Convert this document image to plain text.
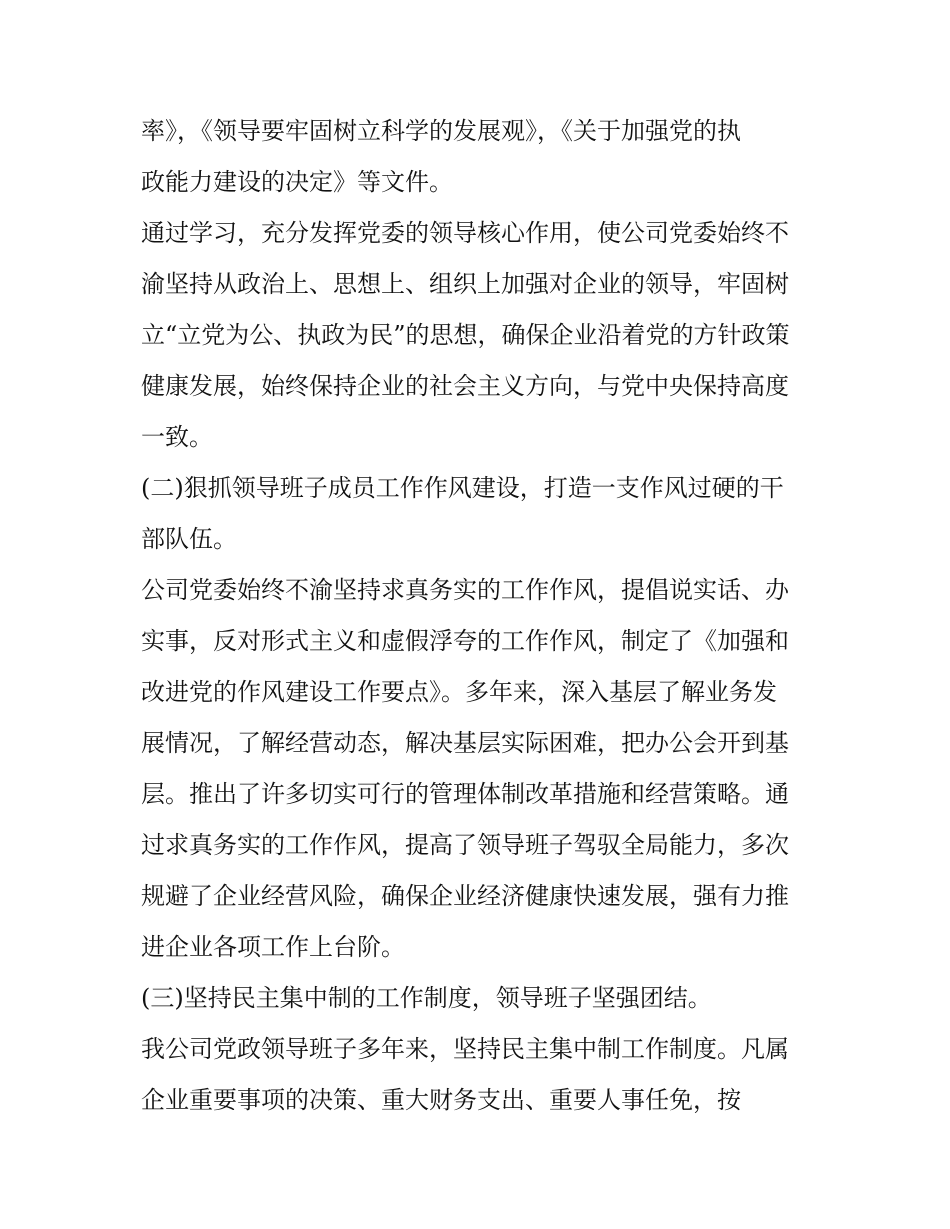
率》，《领导要牢固树立科学的发展观》，《关于加强党的执
政能力建设的决定》等文件。
通过学习，充分发挥党委的领导核心作用，使公司党委始终不
渝坚持从政治上、思想上、组织上加强对企业的领导，牢固树
立“立党为公、执政为民”的思想，确保企业沿着党的方针政策
健康发展，始终保持企业的社会主义方向，与党中央保持高度
一致。
(二)狠抓领导班子成员工作作风建设，打造一支作风过硬的干
部队伍。
公司党委始终不渝坚持求真务实的工作作风，提倡说实话、办
实事，反对形式主义和虚假浮夸的工作作风，制定了《加强和
改进党的作风建设工作要点》。多年来，深入基层了解业务发
展情况，了解经营动态，解决基层实际困难，把办公会开到基
层。推出了许多切实可行的管理体制改革措施和经营策略。通
过求真务实的工作作风，提高了领导班子驾驭全局能力，多次
规避了企业经营风险，确保企业经济健康快速发展，强有力推
进企业各项工作上台阶。
(三)坚持民主集中制的工作制度，领导班子坚强团结。
我公司党政领导班子多年来，坚持民主集中制工作制度。凡属
企业重要事项的决策、重大财务支出、重要人事任免，按
